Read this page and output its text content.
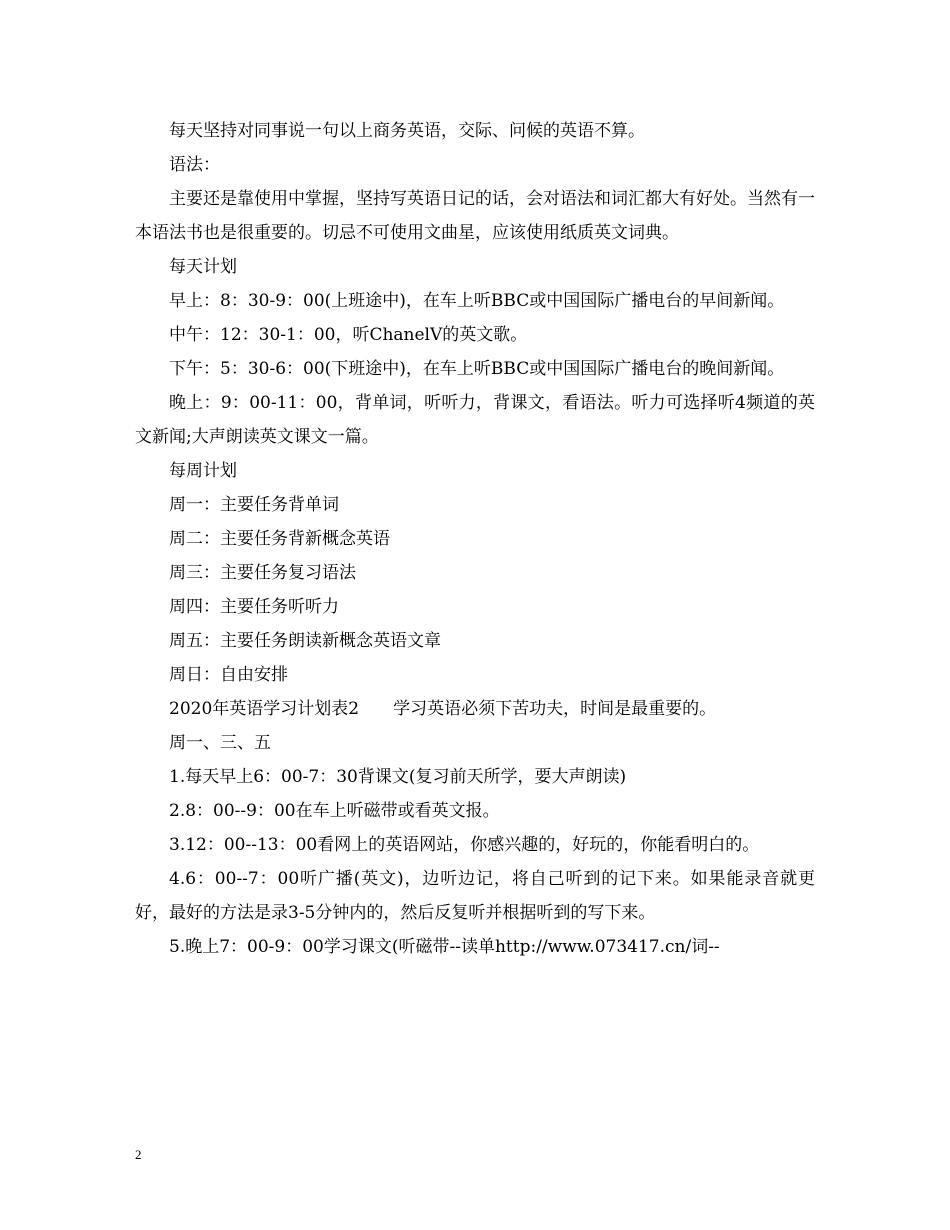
每天坚持对同事说一句以上商务英语，交际、问候的英语不算。

语法：

主要还是靠使用中掌握，坚持写英语日记的话，会对语法和词汇都大有好处。当然有一本语法书也是很重要的。切忌不可使用文曲星，应该使用纸质英文词典。

每天计划

早上：8：30-9：00(上班途中)，在车上听BBC或中国国际广播电台的早间新闻。

中午：12：30-1：00，听ChanelV的英文歌。

下午：5：30-6：00(下班途中)，在车上听BBC或中国国际广播电台的晚间新闻。

晚上：9：00-11：00，背单词，听听力，背课文，看语法。听力可选择听4频道的英文新闻;大声朗读英文课文一篇。

每周计划

周一：主要任务背单词

周二：主要任务背新概念英语

周三：主要任务复习语法

周四：主要任务听听力

周五：主要任务朗读新概念英语文章

周日：自由安排

2020年英语学习计划表2　　学习英语必须下苦功夫，时间是最重要的。

周一、三、五

1.每天早上6：00-7：30背课文(复习前天所学，要大声朗读)

2.8：00--9：00在车上听磁带或看英文报。

3.12：00--13：00看网上的英语网站，你感兴趣的，好玩的，你能看明白的。

4.6：00--7：00听广播(英文)，边听边记，将自己听到的记下来。如果能录音就更好，最好的方法是录3-5分钟内的，然后反复听并根据听到的写下来。

5.晚上7：00-9：00学习课文(听磁带--读单http://www.073417.cn/词--

2
